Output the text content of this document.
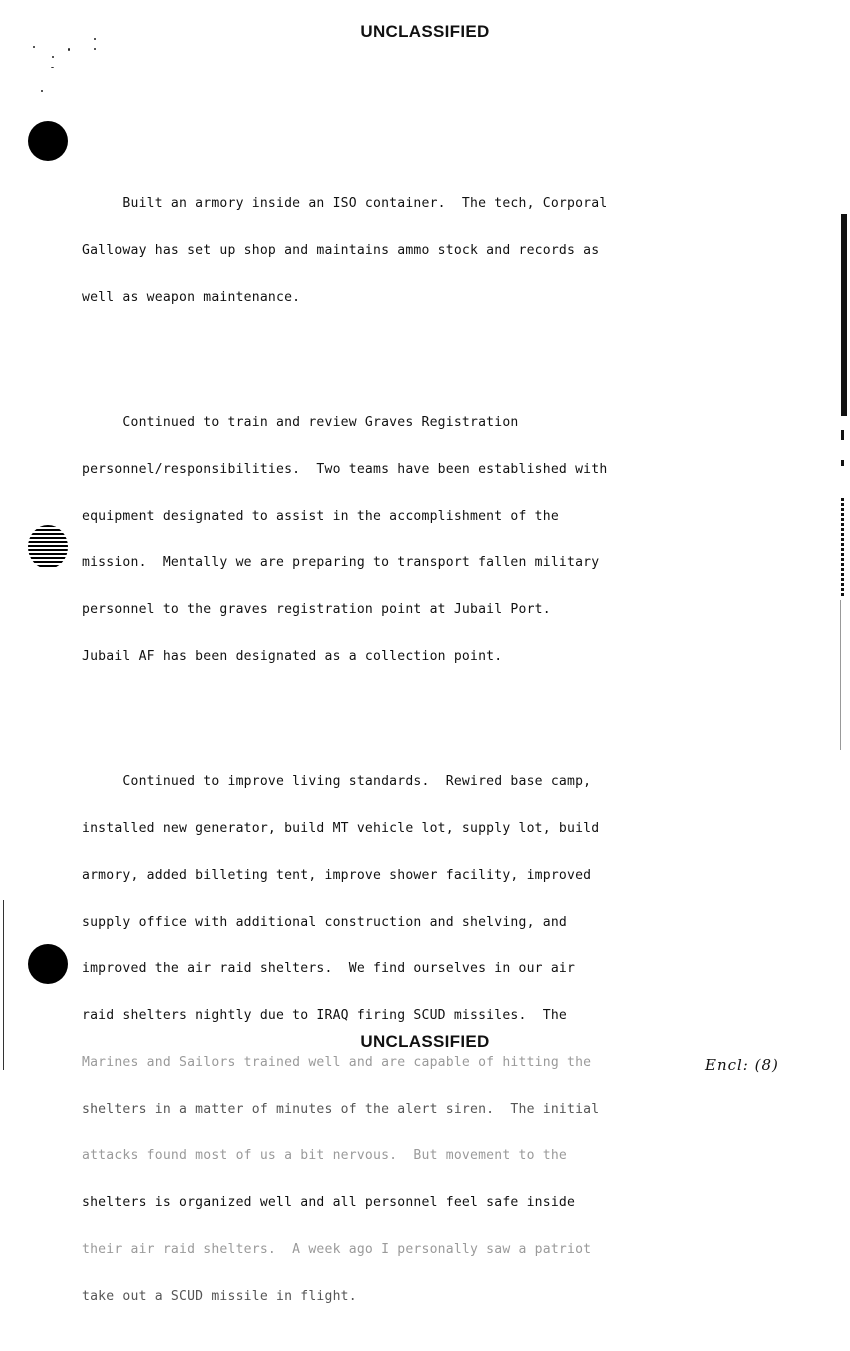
UNCLASSIFIED

Built an armory inside an ISO container.  The tech, Corporal

Galloway has set up shop and maintains ammo stock and records as

well as weapon maintenance.

Continued to train and review Graves Registration

personnel/responsibilities.  Two teams have been established with

equipment designated to assist in the accomplishment of the

mission.  Mentally we are preparing to transport fallen military

personnel to the graves registration point at Jubail Port.

Jubail AF has been designated as a collection point.

Continued to improve living standards.  Rewired base camp,

installed new generator, build MT vehicle lot, supply lot, build

armory, added billeting tent, improve shower facility, improved

supply office with additional construction and shelving, and

improved the air raid shelters.  We find ourselves in our air

raid shelters nightly due to IRAQ firing SCUD missiles.  The

Marines and Sailors trained well and are capable of hitting the

shelters in a matter of minutes of the alert siren.  The initial

attacks found most of us a bit nervous.  But movement to the

shelters is organized well and all personnel feel safe inside

their air raid shelters.  A week ago I personally saw a patriot

take out a SCUD missile in flight.

UNCLASSIFIED
Encl: (8)
